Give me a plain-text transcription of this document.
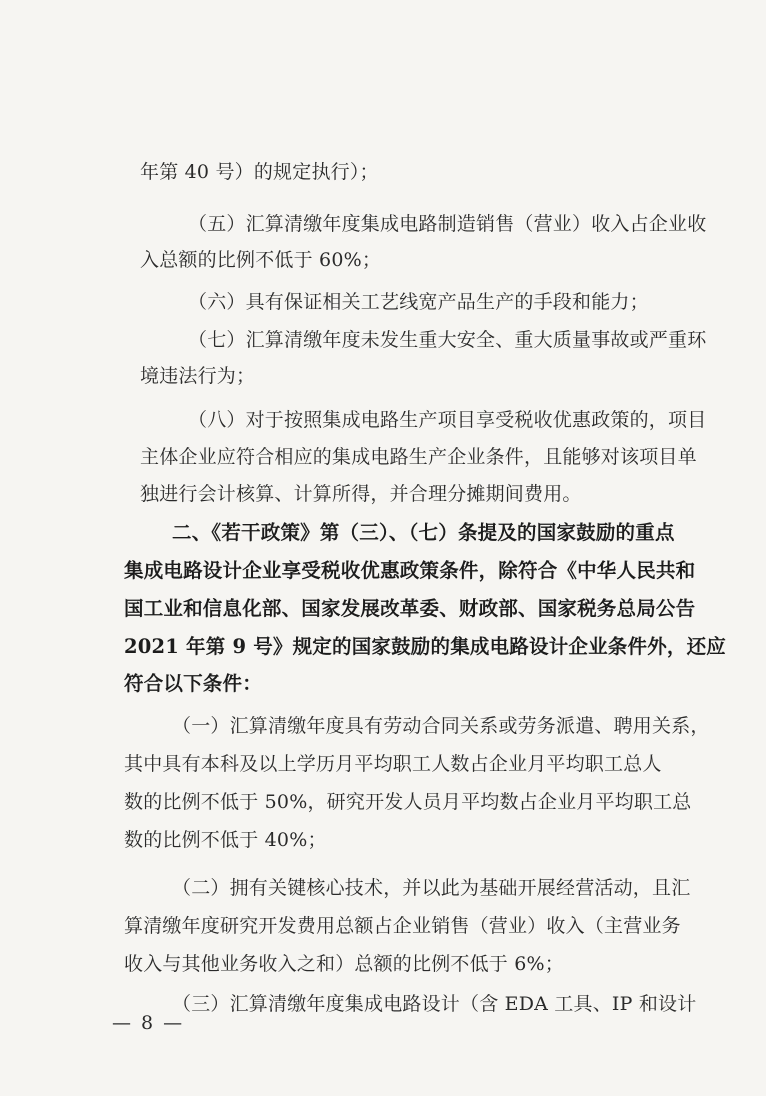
年第 40 号）的规定执行）；
（五）汇算清缴年度集成电路制造销售（营业）收入占企业收
入总额的比例不低于 60%；
（六）具有保证相关工艺线宽产品生产的手段和能力；
（七）汇算清缴年度未发生重大安全、重大质量事故或严重环
境违法行为；
（八）对于按照集成电路生产项目享受税收优惠政策的，项目
主体企业应符合相应的集成电路生产企业条件，且能够对该项目单
独进行会计核算、计算所得，并合理分摊期间费用。
二、《若干政策》第（三）、（七）条提及的国家鼓励的重点
集成电路设计企业享受税收优惠政策条件，除符合《中华人民共和
国工业和信息化部、国家发展改革委、财政部、国家税务总局公告
2021 年第 9 号》规定的国家鼓励的集成电路设计企业条件外，还应
符合以下条件：
（一）汇算清缴年度具有劳动合同关系或劳务派遣、聘用关系，
其中具有本科及以上学历月平均职工人数占企业月平均职工总人
数的比例不低于 50%，研究开发人员月平均数占企业月平均职工总
数的比例不低于 40%；
（二）拥有关键核心技术，并以此为基础开展经营活动，且汇
算清缴年度研究开发费用总额占企业销售（营业）收入（主营业务
收入与其他业务收入之和）总额的比例不低于 6%；
（三）汇算清缴年度集成电路设计（含 EDA 工具、IP 和设计
— 8 —
